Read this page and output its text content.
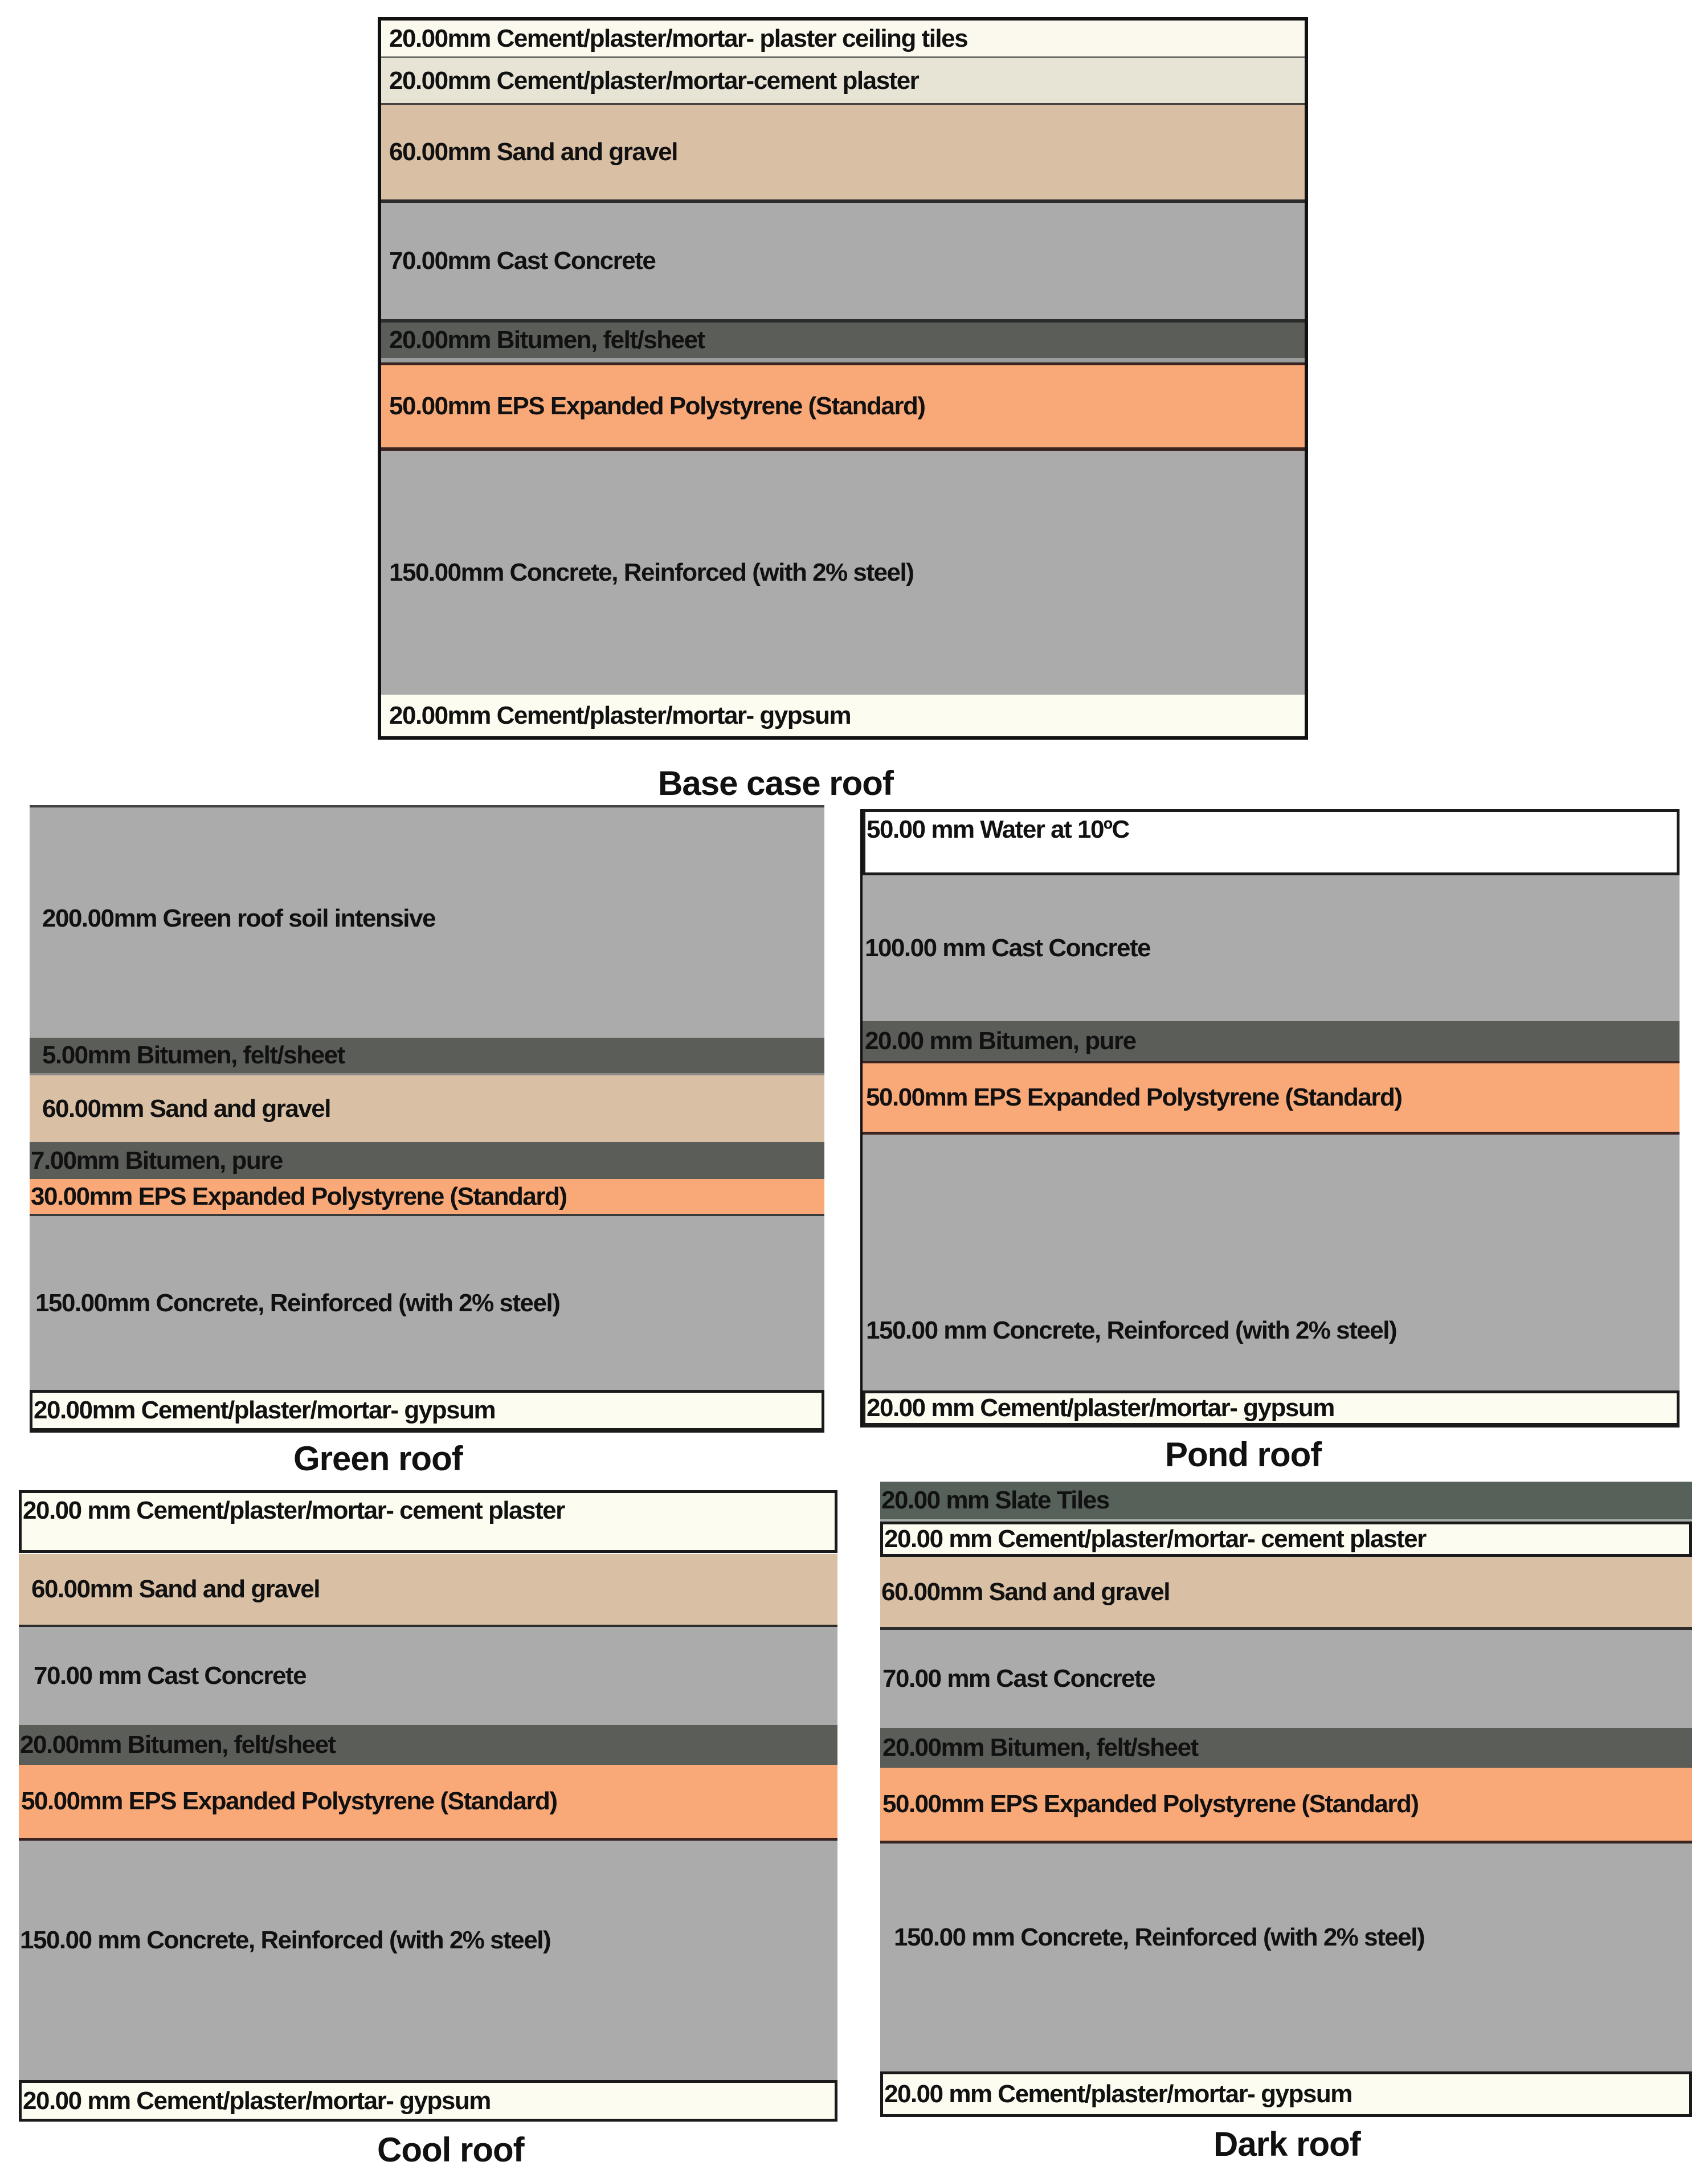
20.00mm Cement/plaster/mortar- plaster ceiling tiles
20.00mm Cement/plaster/mortar-cement plaster
60.00mm Sand and gravel
70.00mm Cast Concrete
20.00mm Bitumen, felt/sheet
50.00mm EPS Expanded Polystyrene (Standard)
150.00mm Concrete, Reinforced (with 2% steel)
20.00mm Cement/plaster/mortar- gypsum
Base case roof
200.00mm Green roof soil intensive
5.00mm Bitumen, felt/sheet
60.00mm Sand and gravel
7.00mm Bitumen, pure
30.00mm EPS Expanded Polystyrene (Standard)
150.00mm Concrete, Reinforced (with 2% steel)
20.00mm Cement/plaster/mortar- gypsum
Green roof
50.00 mm Water at 10ºC
100.00 mm Cast Concrete
20.00 mm Bitumen, pure
50.00mm EPS Expanded Polystyrene (Standard)
150.00 mm Concrete, Reinforced (with 2% steel)
20.00 mm Cement/plaster/mortar- gypsum
Pond roof
20.00 mm Cement/plaster/mortar- cement plaster
60.00mm Sand and gravel
70.00 mm Cast Concrete
20.00mm Bitumen, felt/sheet
50.00mm EPS Expanded Polystyrene (Standard)
150.00 mm Concrete, Reinforced (with 2% steel)
20.00 mm Cement/plaster/mortar- gypsum
Cool roof
20.00 mm Slate Tiles
20.00 mm Cement/plaster/mortar- cement plaster
60.00mm Sand and gravel
70.00 mm Cast Concrete
20.00mm Bitumen, felt/sheet
50.00mm EPS Expanded Polystyrene (Standard)
150.00 mm Concrete, Reinforced (with 2% steel)
20.00 mm Cement/plaster/mortar- gypsum
Dark roof
